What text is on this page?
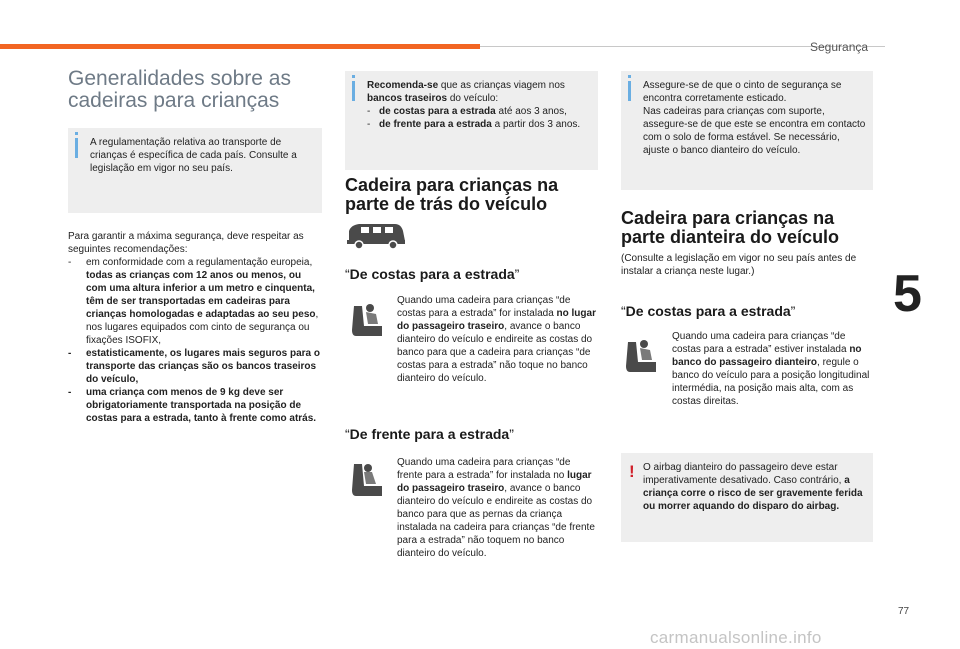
Segurança
5
77
carmanualsonline.info
Generalidades sobre as cadeiras para crianças
A regulamentação relativa ao transporte de crianças é específica de cada país. Consulte a legislação em vigor no seu país.
Para garantir a máxima segurança, deve respeitar as seguintes recomendações:
- em conformidade com a regulamentação europeia, todas as crianças com 12 anos ou menos, ou com uma altura inferior a um metro e cinquenta, têm de ser transportadas em cadeiras para crianças homologadas e adaptadas ao seu peso, nos lugares equipados com cinto de segurança ou fixações ISOFIX,
- estatisticamente, os lugares mais seguros para o transporte das crianças são os bancos traseiros do veículo,
- uma criança com menos de 9 kg deve ser obrigatoriamente transportada na posição de costas para a estrada, tanto à frente como atrás.
Recomenda-se que as crianças viagem nos bancos traseiros do veículo:
- de costas para a estrada até aos 3 anos,
- de frente para a estrada a partir dos 3 anos.
Cadeira para crianças na parte de trás do veículo
“De costas para a estrada”
Quando uma cadeira para crianças “de costas para a estrada” for instalada no lugar do passageiro traseiro, avance o banco dianteiro do veículo e endireite as costas do banco para que a cadeira para crianças “de costas para a estrada” não toque no banco dianteiro do veículo.
“De frente para a estrada”
Quando uma cadeira para crianças “de frente para a estrada” for instalada no lugar do passageiro traseiro, avance o banco dianteiro do veículo e endireite as costas do banco para que as pernas da criança instalada na cadeira para crianças “de frente para a estrada” não toquem no banco dianteiro do veículo.
Assegure-se de que o cinto de segurança se encontra corretamente esticado.
Nas cadeiras para crianças com suporte, assegure-se de que este se encontra em contacto com o solo de forma estável. Se necessário, ajuste o banco dianteiro do veículo.
Cadeira para crianças na parte dianteira do veículo
(Consulte a legislação em vigor no seu país antes de instalar a criança neste lugar.)
“De costas para a estrada”
Quando uma cadeira para crianças “de costas para a estrada” estiver instalada no banco do passageiro dianteiro, regule o banco do veículo para a posição longitudinal intermédia, na posição mais alta, com as costas direitas.
! O airbag dianteiro do passageiro deve estar imperativamente desativado. Caso contrário, a criança corre o risco de ser gravemente ferida ou morrer aquando do disparo do airbag.
